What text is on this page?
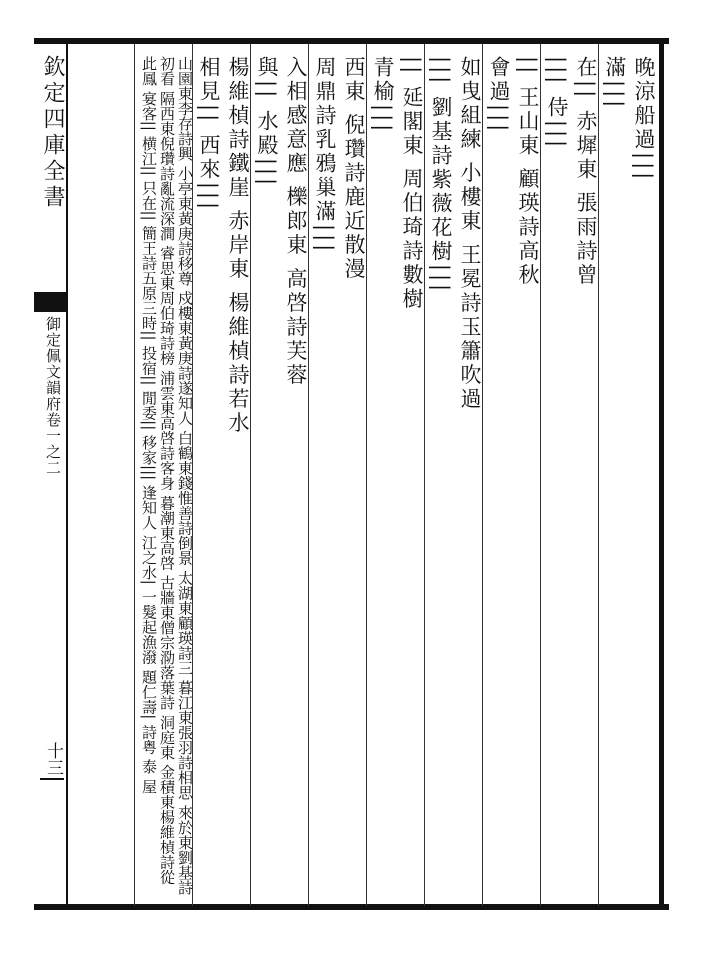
欽定四庫全書
御定佩文韻府卷一之二
十三
晚涼船過|||
滿|||
在|| 赤墀東 張雨詩曾
||| 侍|||
|| 王山東 顧瑛詩高秋
會過|||
如曳組練 小樓東 王冕詩玉簫吹過
||| 劉基詩紫薇花樹|||
|| 延閣東 周伯琦詩數樹
青榆|||
西東 倪瓚詩鹿近散漫
周鼎詩乳鴉巢滿|||
入相感意應 櫟郎東 高啓詩芙蓉
與|| 水殿|||
楊維楨詩鐵崖 赤岸東 楊維楨詩若水
相見|| 西來|||
山園東李存詩興 小亭東黃庚詩移尊 戍樓東黃庚詩遂知人 白鶴東錢惟善詩倒景 太湖東顧瑛詩三 暮江東張羽詩相思 來於東劉基詩初看 隔西東倪瓚詩亂流深澗 睿思東周伯琦詩榜 浦雲東高啓詩客身 暮潮東高啓 古牆東僧宗泐落葉詩 洞庭東 金積東楊維楨詩從此鳳 宴客|| 横江|| 只在|| 簡王詩五原三時|| 投宿|| 閒委|| 移家||| 逢知人 江之水| 一髮起漁潑 題仁壽| 詩粤 泰 屋
